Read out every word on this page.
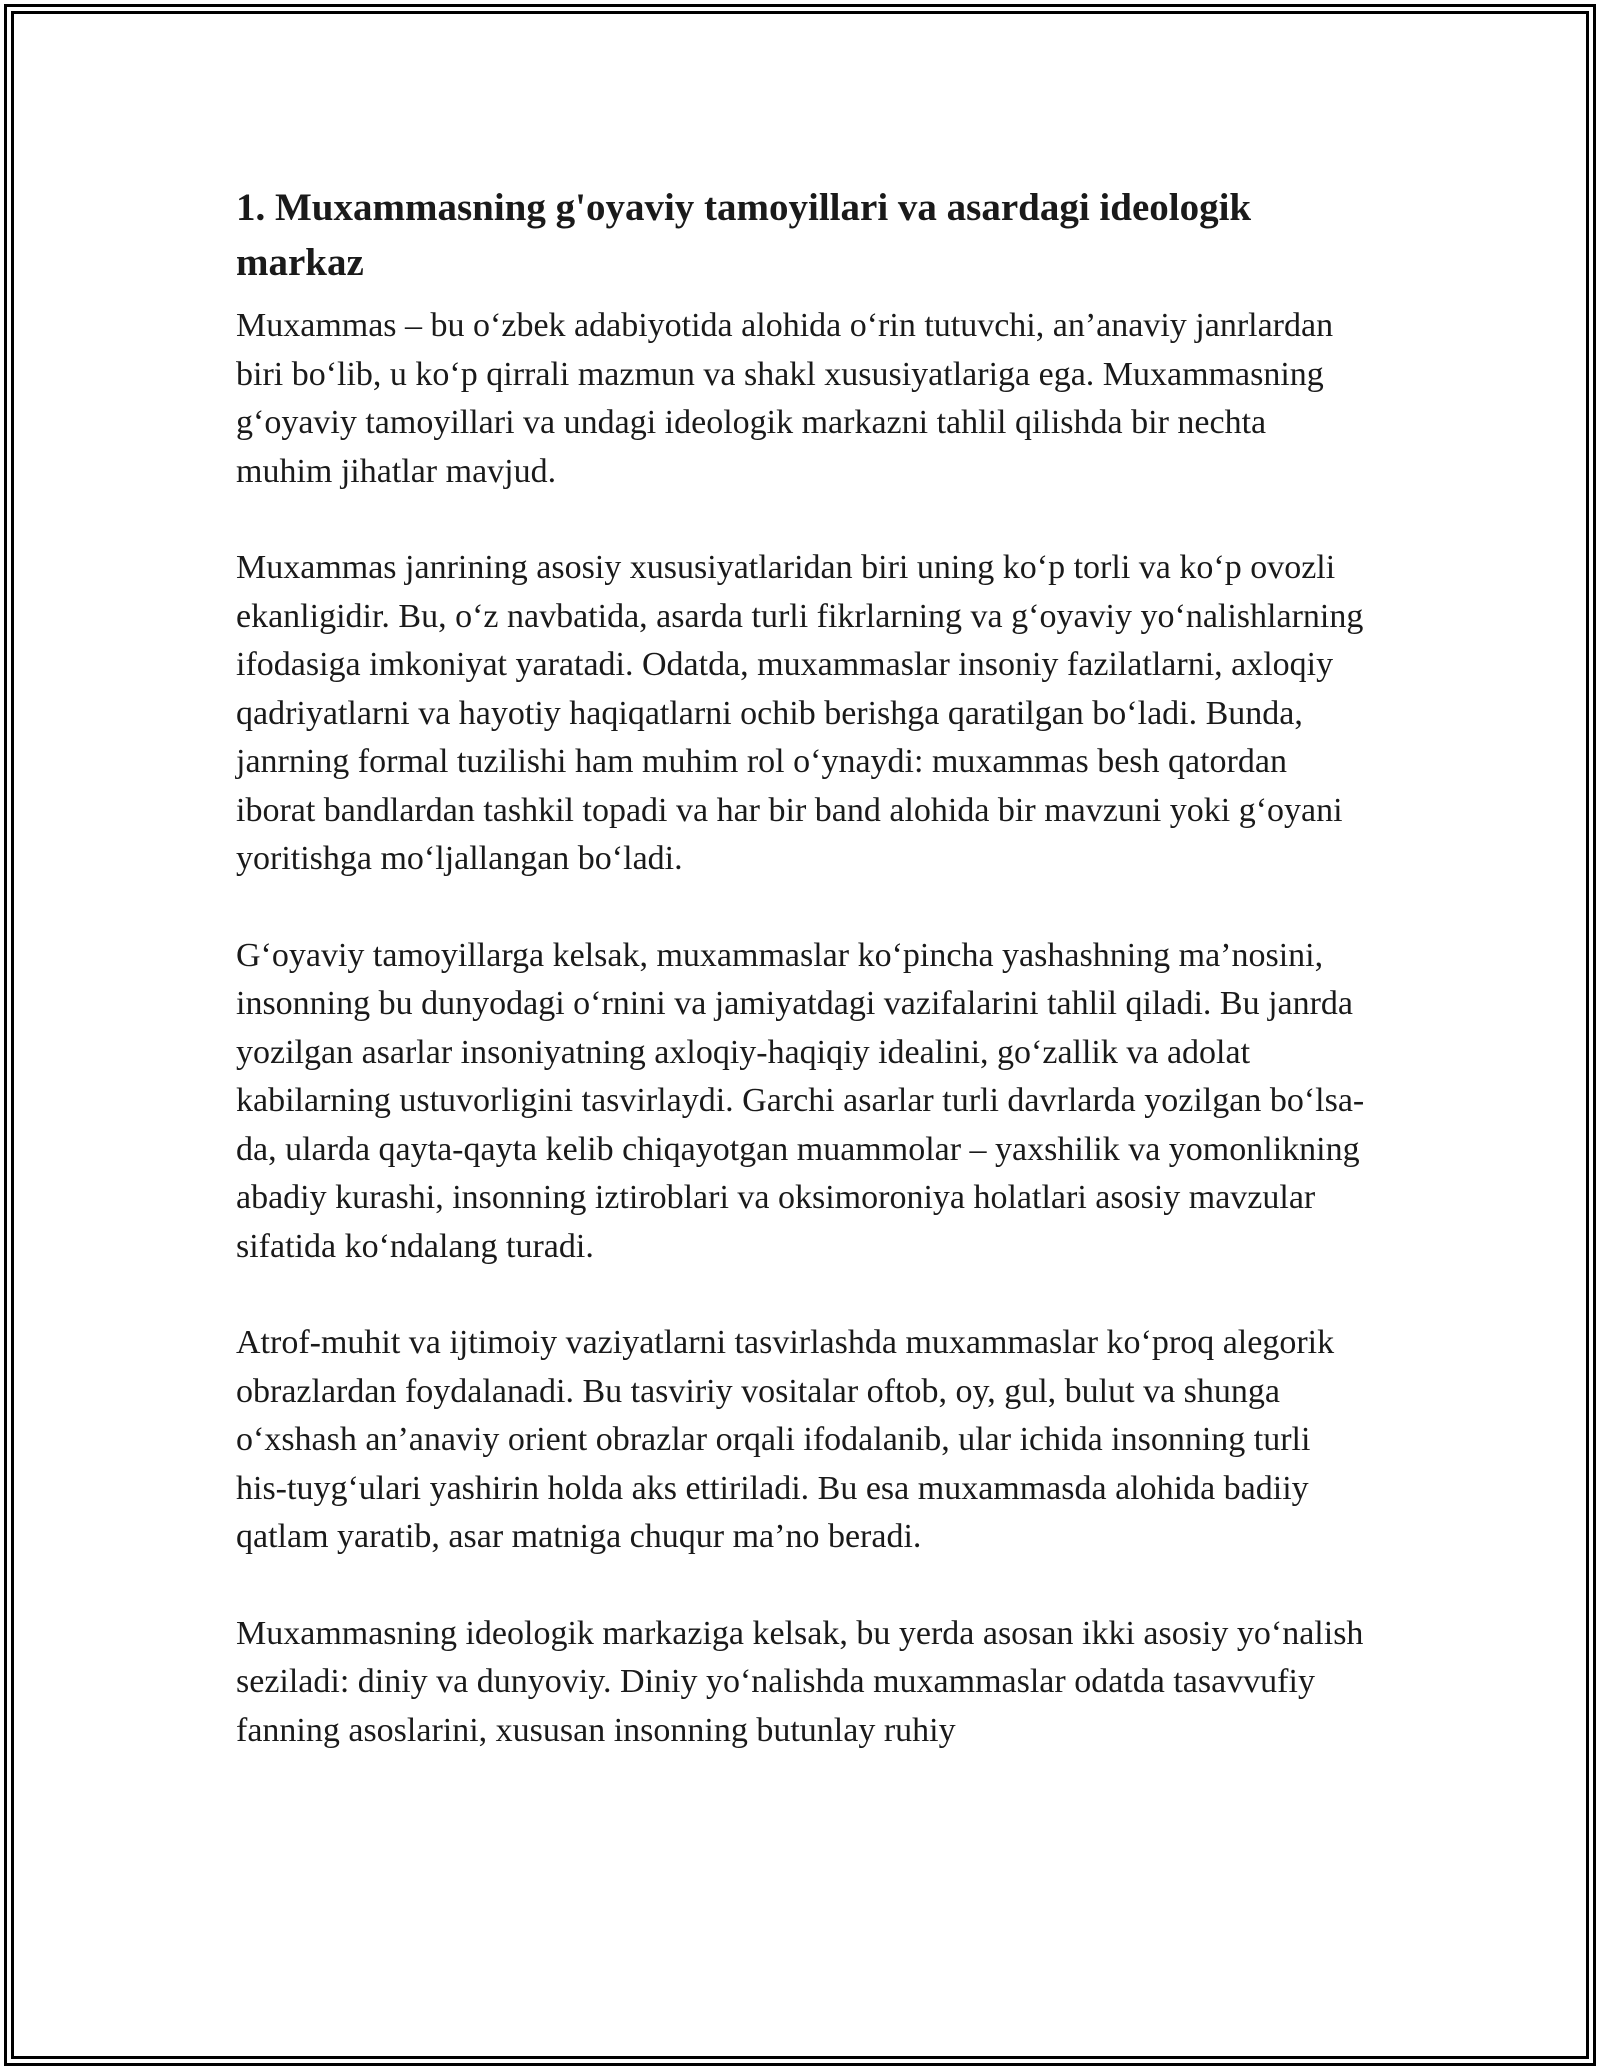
1. Muxammasning g'oyaviy tamoyillari va asardagi ideologik markaz

Muxammas – bu o‘zbek adabiyotida alohida o‘rin tutuvchi, an’anaviy janrlardan biri bo‘lib, u ko‘p qirrali mazmun va shakl xususiyatlariga ega. Muxammasning g‘oyaviy tamoyillari va undagi ideologik markazni tahlil qilishda bir nechta muhim jihatlar mavjud.

Muxammas janrining asosiy xususiyatlaridan biri uning ko‘p torli va ko‘p ovozli ekanligidir. Bu, o‘z navbatida, asarda turli fikrlarning va g‘oyaviy yo‘nalishlarning ifodasiga imkoniyat yaratadi. Odatda, muxammaslar insoniy fazilatlarni, axloqiy qadriyatlarni va hayotiy haqiqatlarni ochib berishga qaratilgan bo‘ladi. Bunda, janrning formal tuzilishi ham muhim rol o‘ynaydi: muxammas besh qatordan iborat bandlardan tashkil topadi va har bir band alohida bir mavzuni yoki g‘oyani yoritishga mo‘ljallangan bo‘ladi.

G‘oyaviy tamoyillarga kelsak, muxammaslar ko‘pincha yashashning ma’nosini, insonning bu dunyodagi o‘rnini va jamiyatdagi vazifalarini tahlil qiladi. Bu janrda yozilgan asarlar insoniyatning axloqiy-haqiqiy idealini, go‘zallik va adolat kabilarning ustuvorligini tasvirlaydi. Garchi asarlar turli davrlarda yozilgan bo‘lsa-da, ularda qayta-qayta kelib chiqayotgan muammolar – yaxshilik va yomonlikning abadiy kurashi, insonning iztiroblari va oksimoroniya holatlari asosiy mavzular sifatida ko‘ndalang turadi.

Atrof-muhit va ijtimoiy vaziyatlarni tasvirlashda muxammaslar ko‘proq alegorik obrazlardan foydalanadi. Bu tasviriy vositalar oftob, oy, gul, bulut va shunga o‘xshash an’anaviy orient obrazlar orqali ifodalanib, ular ichida insonning turli his-tuyg‘ulari yashirin holda aks ettiriladi. Bu esa muxammasda alohida badiiy qatlam yaratib, asar matniga chuqur ma’no beradi.

Muxammasning ideologik markaziga kelsak, bu yerda asosan ikki asosiy yo‘nalish seziladi: diniy va dunyoviy. Diniy yo‘nalishda muxammaslar odatda tasavvufiy fanning asoslarini, xususan insonning butunlay ruhiy
